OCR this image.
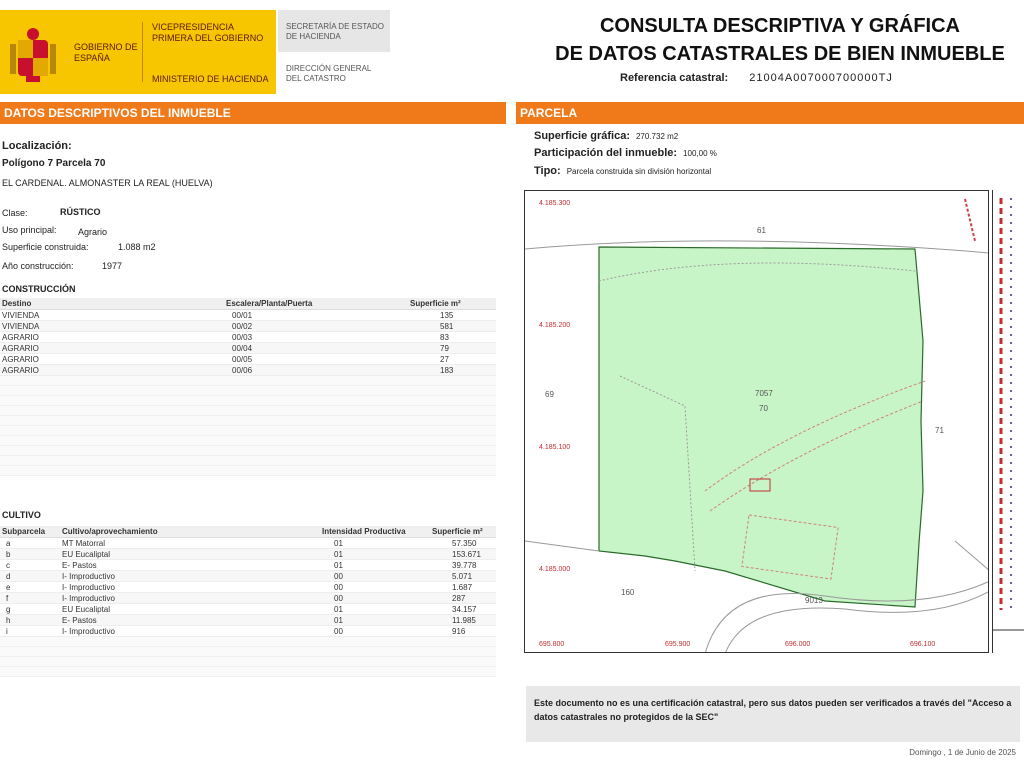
GOBIERNO DE ESPAÑA
VICEPRESIDENCIA PRIMERA DEL GOBIERNO
MINISTERIO DE HACIENDA
SECRETARÍA DE ESTADO DE HACIENDA
DIRECCIÓN GENERAL DEL CATASTRO
CONSULTA DESCRIPTIVA Y GRÁFICA
DE DATOS CATASTRALES DE BIEN INMUEBLE
Referencia catastral: 21004A007000700000TJ
DATOS DESCRIPTIVOS DEL INMUEBLE	PARCELA
Localización:
Polígono 7 Parcela 70
EL CARDENAL. ALMONASTER LA REAL (HUELVA)
Clase:	RÚSTICO
Uso principal: Agrario
Superficie construida:	1.088 m2
Año construcción:	1977
CONSTRUCCIÓN
Destino	Escalera/Planta/Puerta	Superficie m²
VIVIENDA	00/01	135
VIVIENDA	00/02	581
AGRARIO	00/03	83
AGRARIO	00/04	79
AGRARIO	00/05	27
AGRARIO	00/06	183
CULTIVO
Subparcela Cultivo/aprovechamiento	Intensidad Productiva	Superficie m²
a	MT Matorral	01	57.350
b	EU Eucaliptal	01	153.671
c	E- Pastos	01	39.778
d	I- Improductivo	00	5.071
e	I- Improductivo	00	1.687
f	I- Improductivo	00	287
g	EU Eucaliptal	01	34.157
h	E- Pastos	01	11.985
i	I- Improductivo	00	916
Superficie gráfica: 270.732 m2
Participación del inmueble: 100,00 %
Tipo: Parcela construida sin división horizontal
4.185.300
4.185.200
4.185.100
4.185.000
695.800	695.900	696.000	696.100
7057
70
61
71
69
160
9013
Este documento no es una certificación catastral, pero sus datos pueden ser verificados a través del "Acceso a datos catastrales no protegidos de la SEC"
Domingo , 1 de Junio de 2025
